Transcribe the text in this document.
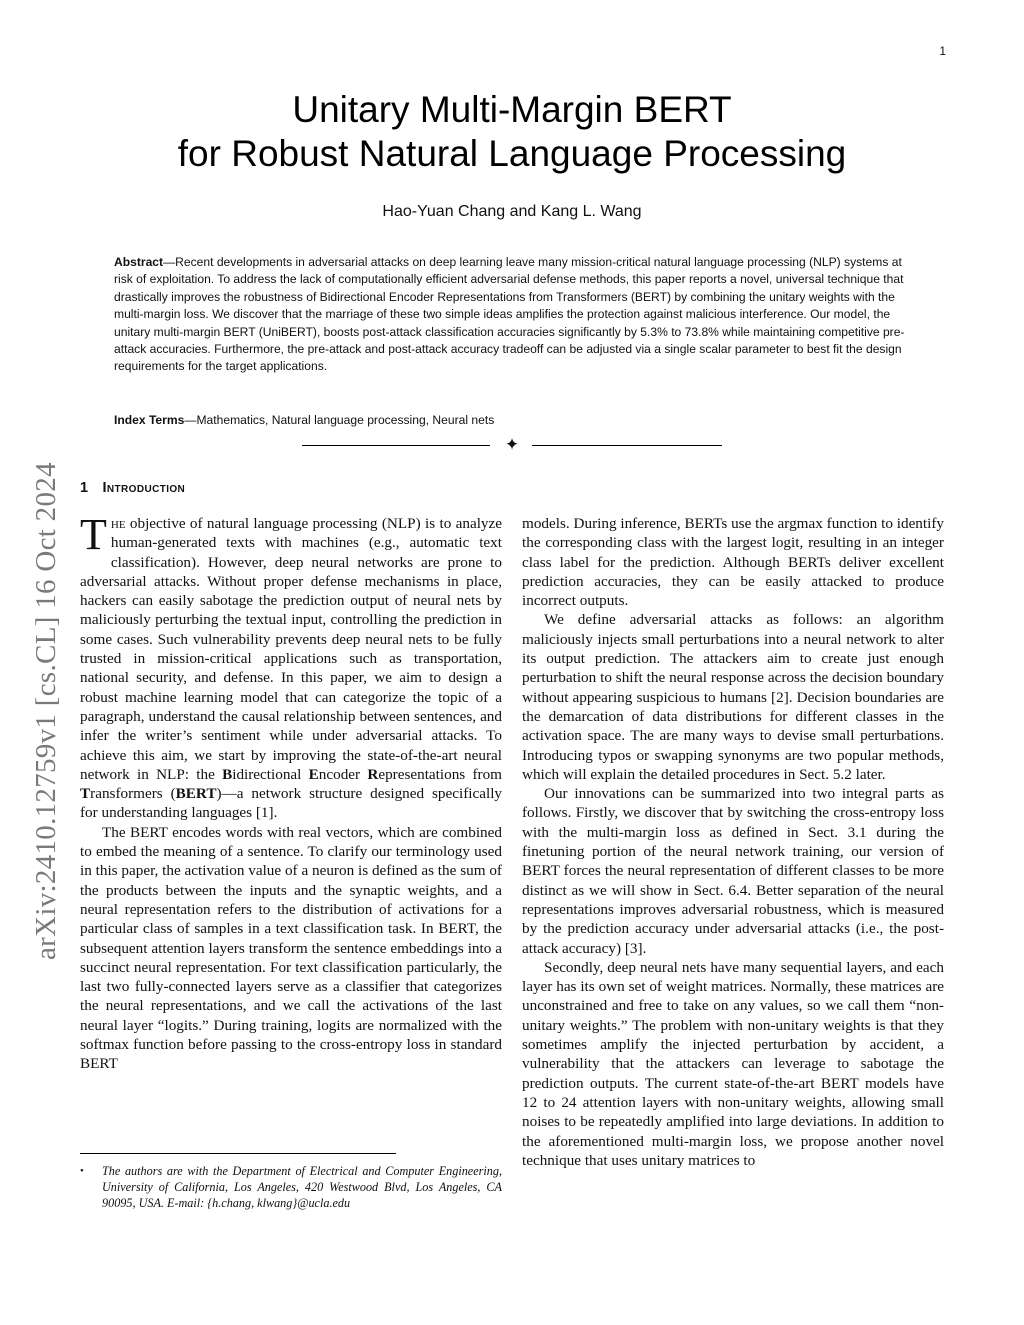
1
Unitary Multi-Margin BERT
for Robust Natural Language Processing
Hao-Yuan Chang and Kang L. Wang

Abstract—Recent developments in adversarial attacks on deep learning leave many mission-critical natural language processing (NLP) systems at risk of exploitation. To address the lack of computationally efficient adversarial defense methods, this paper reports a novel, universal technique that drastically improves the robustness of Bidirectional Encoder Representations from Transformers (BERT) by combining the unitary weights with the multi-margin loss. We discover that the marriage of these two simple ideas amplifies the protection against malicious interference. Our model, the unitary multi-margin BERT (UniBERT), boosts post-attack classification accuracies significantly by 5.3% to 73.8% while maintaining competitive pre-attack accuracies. Furthermore, the pre-attack and post-attack accuracy tradeoff can be adjusted via a single scalar parameter to best fit the design requirements for the target applications.

Index Terms—Mathematics, Natural language processing, Neural nets

✦

arXiv:2410.12759v1 [cs.CL] 16 Oct 2024 1 Introduction

The objective of natural language processing (NLP) is to analyze human-generated texts with machines (e.g., automatic text classification). However, deep neural networks are prone to adversarial attacks. Without proper defense mechanisms in place, hackers can easily sabotage the prediction output of neural nets by maliciously perturbing the textual input, controlling the prediction in some cases. Such vulnerability prevents deep neural nets to be fully trusted in mission-critical applications such as transportation, national security, and defense. In this paper, we aim to design a robust machine learning model that can categorize the topic of a paragraph, understand the causal relationship between sentences, and infer the writer’s sentiment while under adversarial attacks. To achieve this aim, we start by improving the state-of-the-art neural network in NLP: the Bidirectional Encoder Representations from Transformers (BERT)—a network structure designed specifically for understanding languages [1].

The BERT encodes words with real vectors, which are combined to embed the meaning of a sentence. To clarify our terminology used in this paper, the activation value of a neuron is defined as the sum of the products between the inputs and the synaptic weights, and a neural representation refers to the distribution of activations for a particular class of samples in a text classification task. In BERT, the subsequent attention layers transform the sentence embeddings into a succinct neural representation. For text classification particularly, the last two fully-connected layers serve as a classifier that categorizes the neural representations, and we call the activations of the last neural layer “logits.” During training, logits are normalized with the softmax function before passing to the cross-entropy loss in standard BERT

models. During inference, BERTs use the argmax function to identify the corresponding class with the largest logit, resulting in an integer class label for the prediction. Although BERTs deliver excellent prediction accuracies, they can be easily attacked to produce incorrect outputs.

We define adversarial attacks as follows: an algorithm maliciously injects small perturbations into a neural network to alter its output prediction. The attackers aim to create just enough perturbation to shift the neural response across the decision boundary without appearing suspicious to humans [2]. Decision boundaries are the demarcation of data distributions for different classes in the activation space. The are many ways to devise small perturbations. Introducing typos or swapping synonyms are two popular methods, which will explain the detailed procedures in Sect. 5.2 later.

Our innovations can be summarized into two integral parts as follows. Firstly, we discover that by switching the cross-entropy loss with the multi-margin loss as defined in Sect. 3.1 during the finetuning portion of the neural network training, our version of BERT forces the neural representation of different classes to be more distinct as we will show in Sect. 6.4. Better separation of the neural representations improves adversarial robustness, which is measured by the prediction accuracy under adversarial attacks (i.e., the post-attack accuracy) [3].

Secondly, deep neural nets have many sequential layers, and each layer has its own set of weight matrices. Normally, these matrices are unconstrained and free to take on any values, so we call them “non-unitary weights.” The problem with non-unitary weights is that they sometimes amplify the injected perturbation by accident, a vulnerability that the attackers can leverage to sabotage the prediction outputs. The current state-of-the-art BERT models have 12 to 24 attention layers with non-unitary weights, allowing small noises to be repeatedly amplified into large deviations. In addition to the aforementioned multi-margin loss, we propose another novel technique that uses unitary matrices to

• The authors are with the Department of Electrical and Computer Engineering, University of California, Los Angeles, 420 Westwood Blvd, Los Angeles, CA 90095, USA. E-mail: {h.chang, klwang}@ucla.edu
